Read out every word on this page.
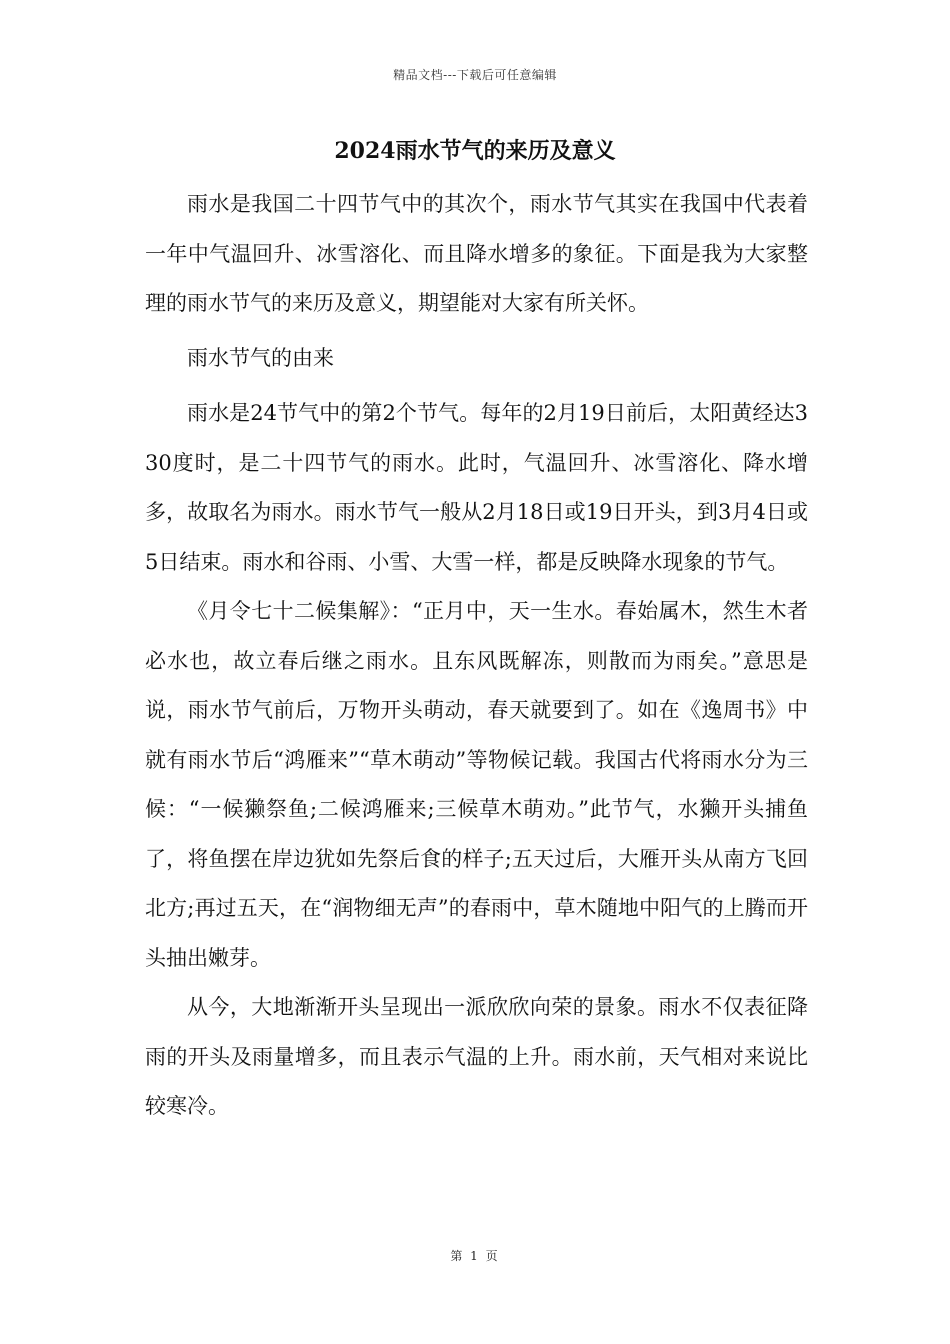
精品文档---下载后可任意编辑
2024雨水节气的来历及意义

雨水是我国二十四节气中的其次个，雨水节气其实在我国中代表着一年中气温回升、冰雪溶化、而且降水增多的象征。下面是我为大家整理的雨水节气的来历及意义，期望能对大家有所关怀。

雨水节气的由来

雨水是24节气中的第2个节气。每年的2月19日前后，太阳黄经达330度时，是二十四节气的雨水。此时，气温回升、冰雪溶化、降水增多，故取名为雨水。雨水节气一般从2月18日或19日开头，到3月4日或5日结束。雨水和谷雨、小雪、大雪一样，都是反映降水现象的节气。

《月令七十二候集解》：“正月中，天一生水。春始属木，然生木者必水也，故立春后继之雨水。且东风既解冻，则散而为雨矣。”意思是说，雨水节气前后，万物开头萌动，春天就要到了。如在《逸周书》中就有雨水节后“鸿雁来”“草木萌动”等物候记载。我国古代将雨水分为三候：“一候獭祭鱼;二候鸿雁来;三候草木萌劝。”此节气，水獭开头捕鱼了，将鱼摆在岸边犹如先祭后食的样子;五天过后，大雁开头从南方飞回北方;再过五天，在“润物细无声”的春雨中，草木随地中阳气的上腾而开头抽出嫩芽。

从今，大地渐渐开头呈现出一派欣欣向荣的景象。雨水不仅表征降雨的开头及雨量增多，而且表示气温的上升。雨水前，天气相对来说比较寒冷。

第 1 页
